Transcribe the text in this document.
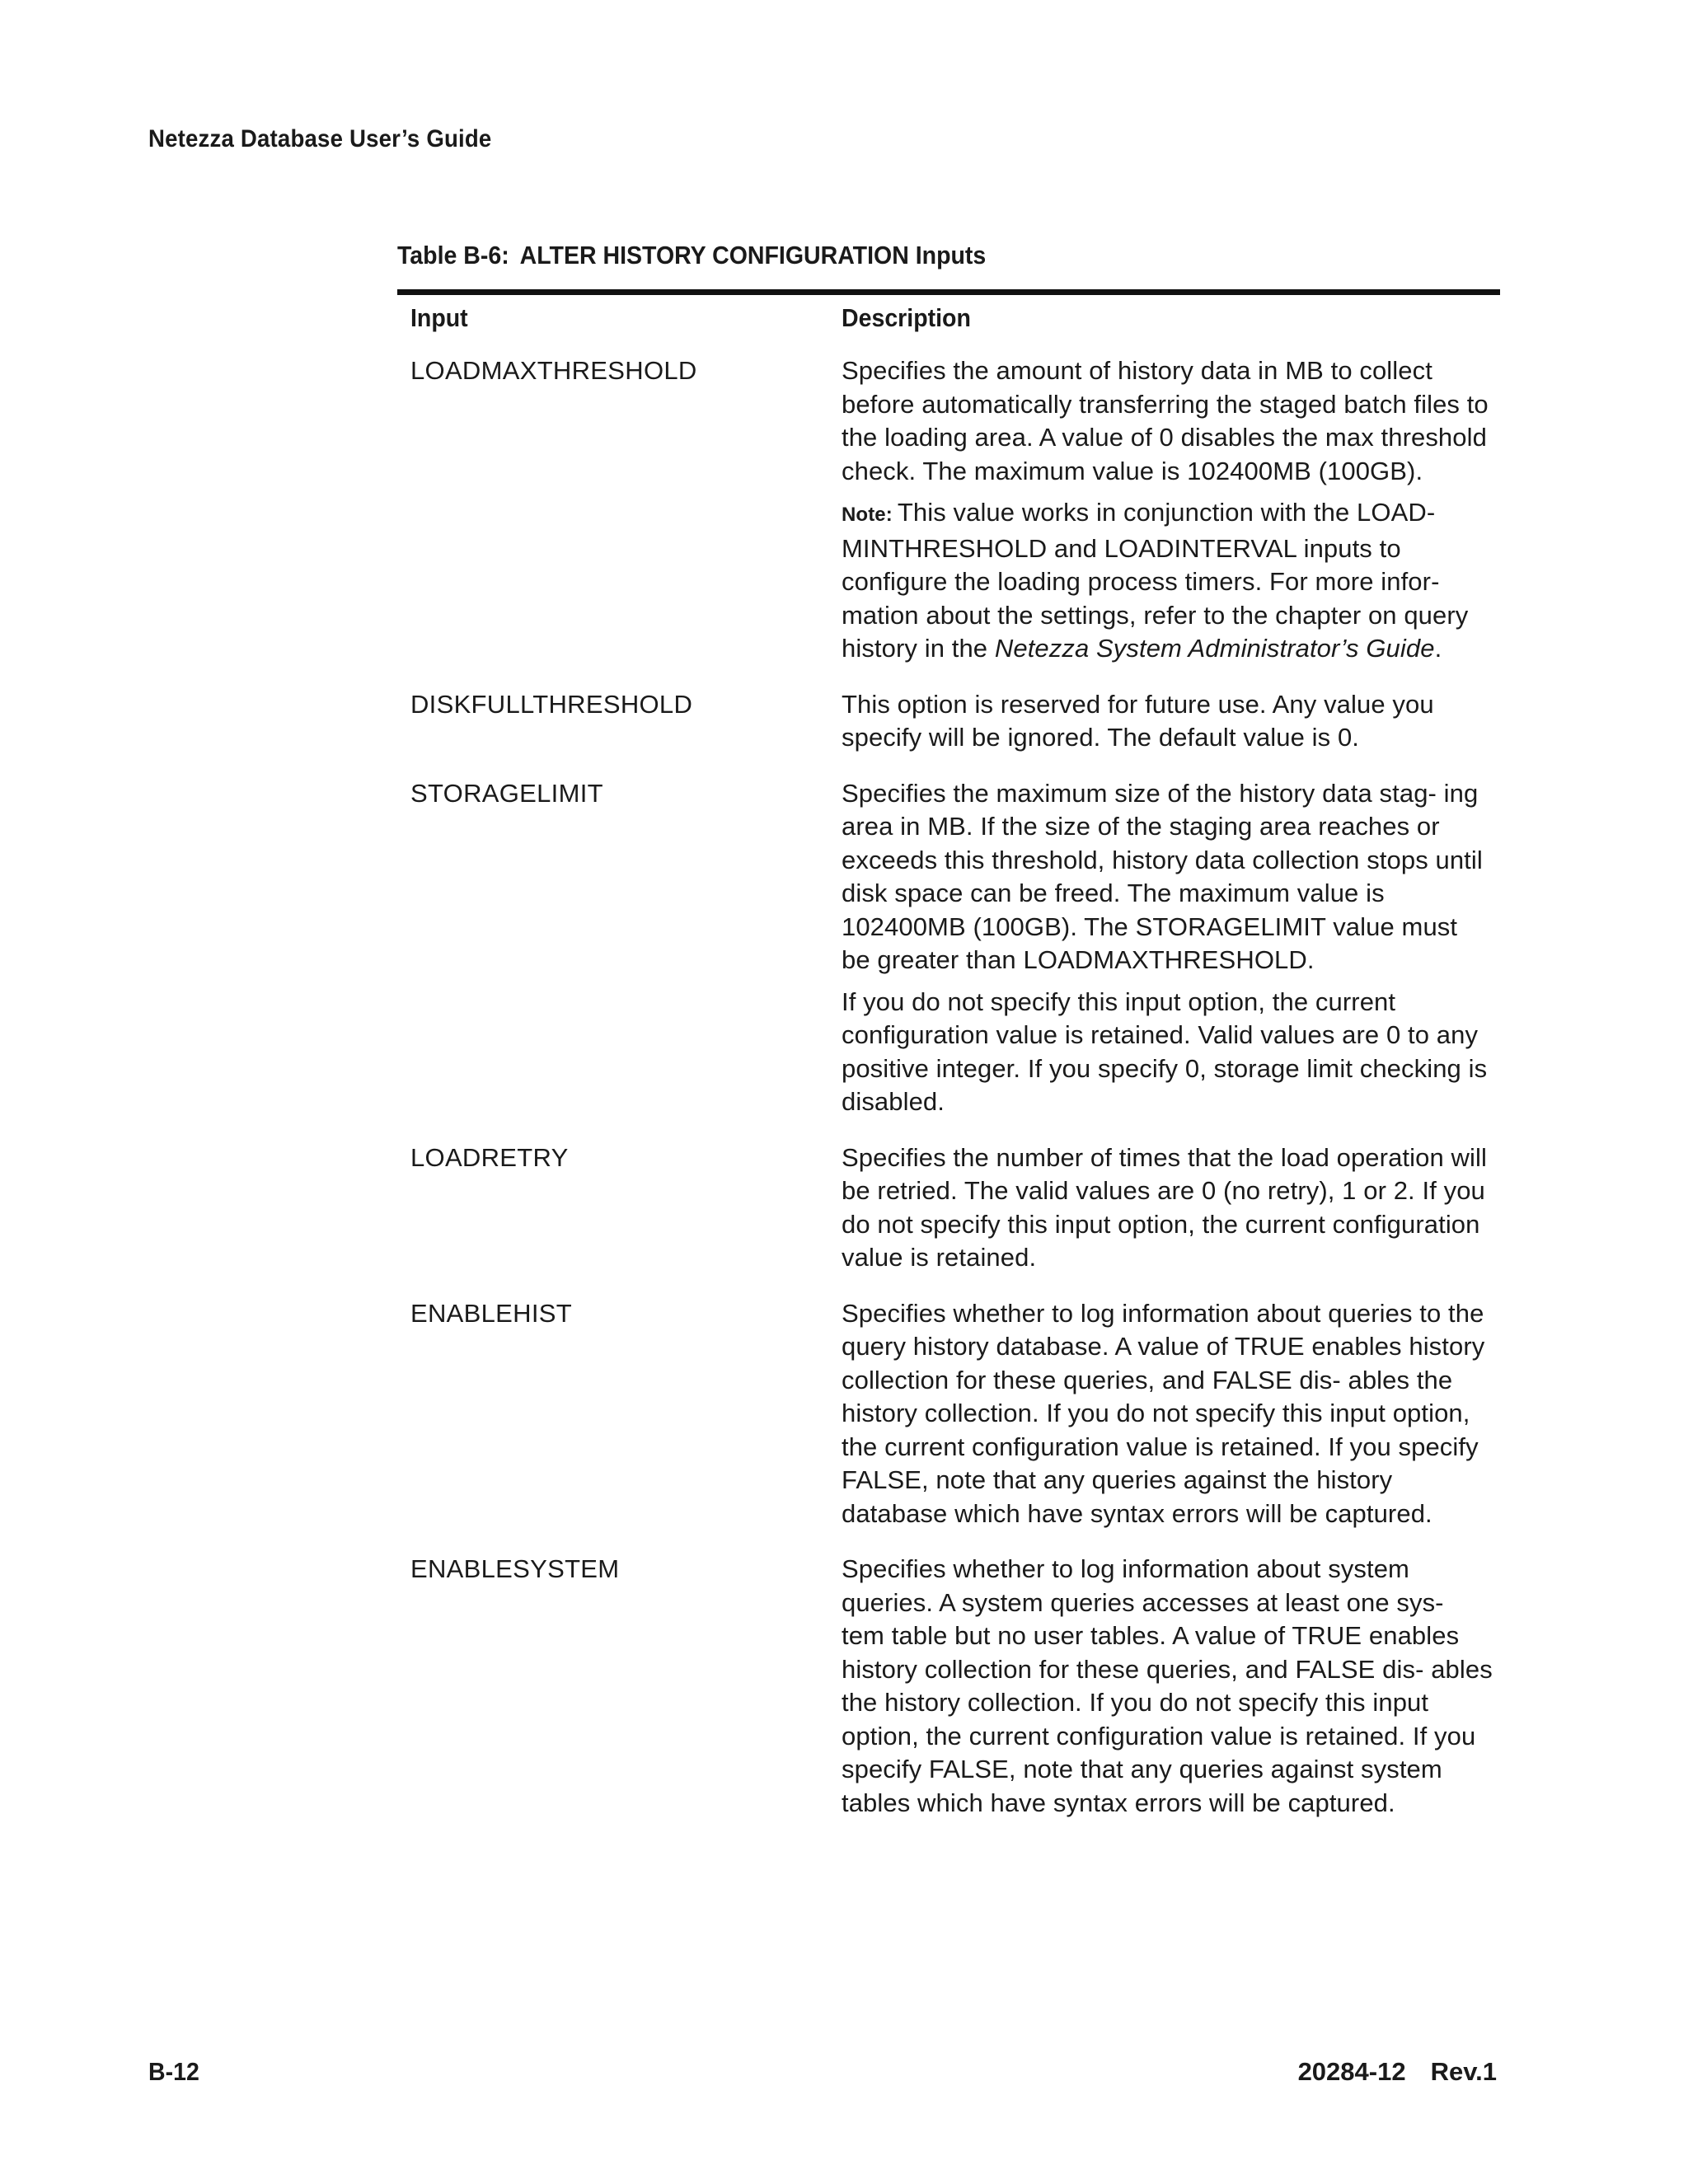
Netezza Database User’s Guide
Table B-6: ALTER HISTORY CONFIGURATION Inputs
Input	Description
LOADMAXTHRESHOLD	Specifies the amount of history data in MB to collect before automatically transferring the staged batch files to the loading area. A value of 0 disables the max threshold check. The maximum value is 102400MB (100GB).

Note: This value works in conjunction with the LOAD- MINTHRESHOLD and LOADINTERVAL inputs to configure the loading process timers. For more infor- mation about the settings, refer to the chapter on query history in the Netezza System Administrator’s Guide.

DISKFULLTHRESHOLD	This option is reserved for future use. Any value you specify will be ignored. The default value is 0.

STORAGELIMIT	Specifies the maximum size of the history data stag- ing area in MB. If the size of the staging area reaches or exceeds this threshold, history data collection stops until disk space can be freed. The maximum value is 102400MB (100GB). The STORAGELIMIT value must be greater than LOADMAXTHRESHOLD.

If you do not specify this input option, the current configuration value is retained. Valid values are 0 to any positive integer. If you specify 0, storage limit checking is disabled.

LOADRETRY	Specifies the number of times that the load operation will be retried. The valid values are 0 (no retry), 1 or 2. If you do not specify this input option, the current configuration value is retained.

ENABLEHIST	Specifies whether to log information about queries to the query history database. A value of TRUE enables history collection for these queries, and FALSE dis- ables the history collection. If you do not specify this input option, the current configuration value is retained. If you specify FALSE, note that any queries against the history database which have syntax errors will be captured.

ENABLESYSTEM	Specifies whether to log information about system queries. A system queries accesses at least one sys- tem table but no user tables. A value of TRUE enables history collection for these queries, and FALSE dis- ables the history collection. If you do not specify this input option, the current configuration value is retained. If you specify FALSE, note that any queries against system tables which have syntax errors will be captured.

B-12	20284-12 Rev.1
